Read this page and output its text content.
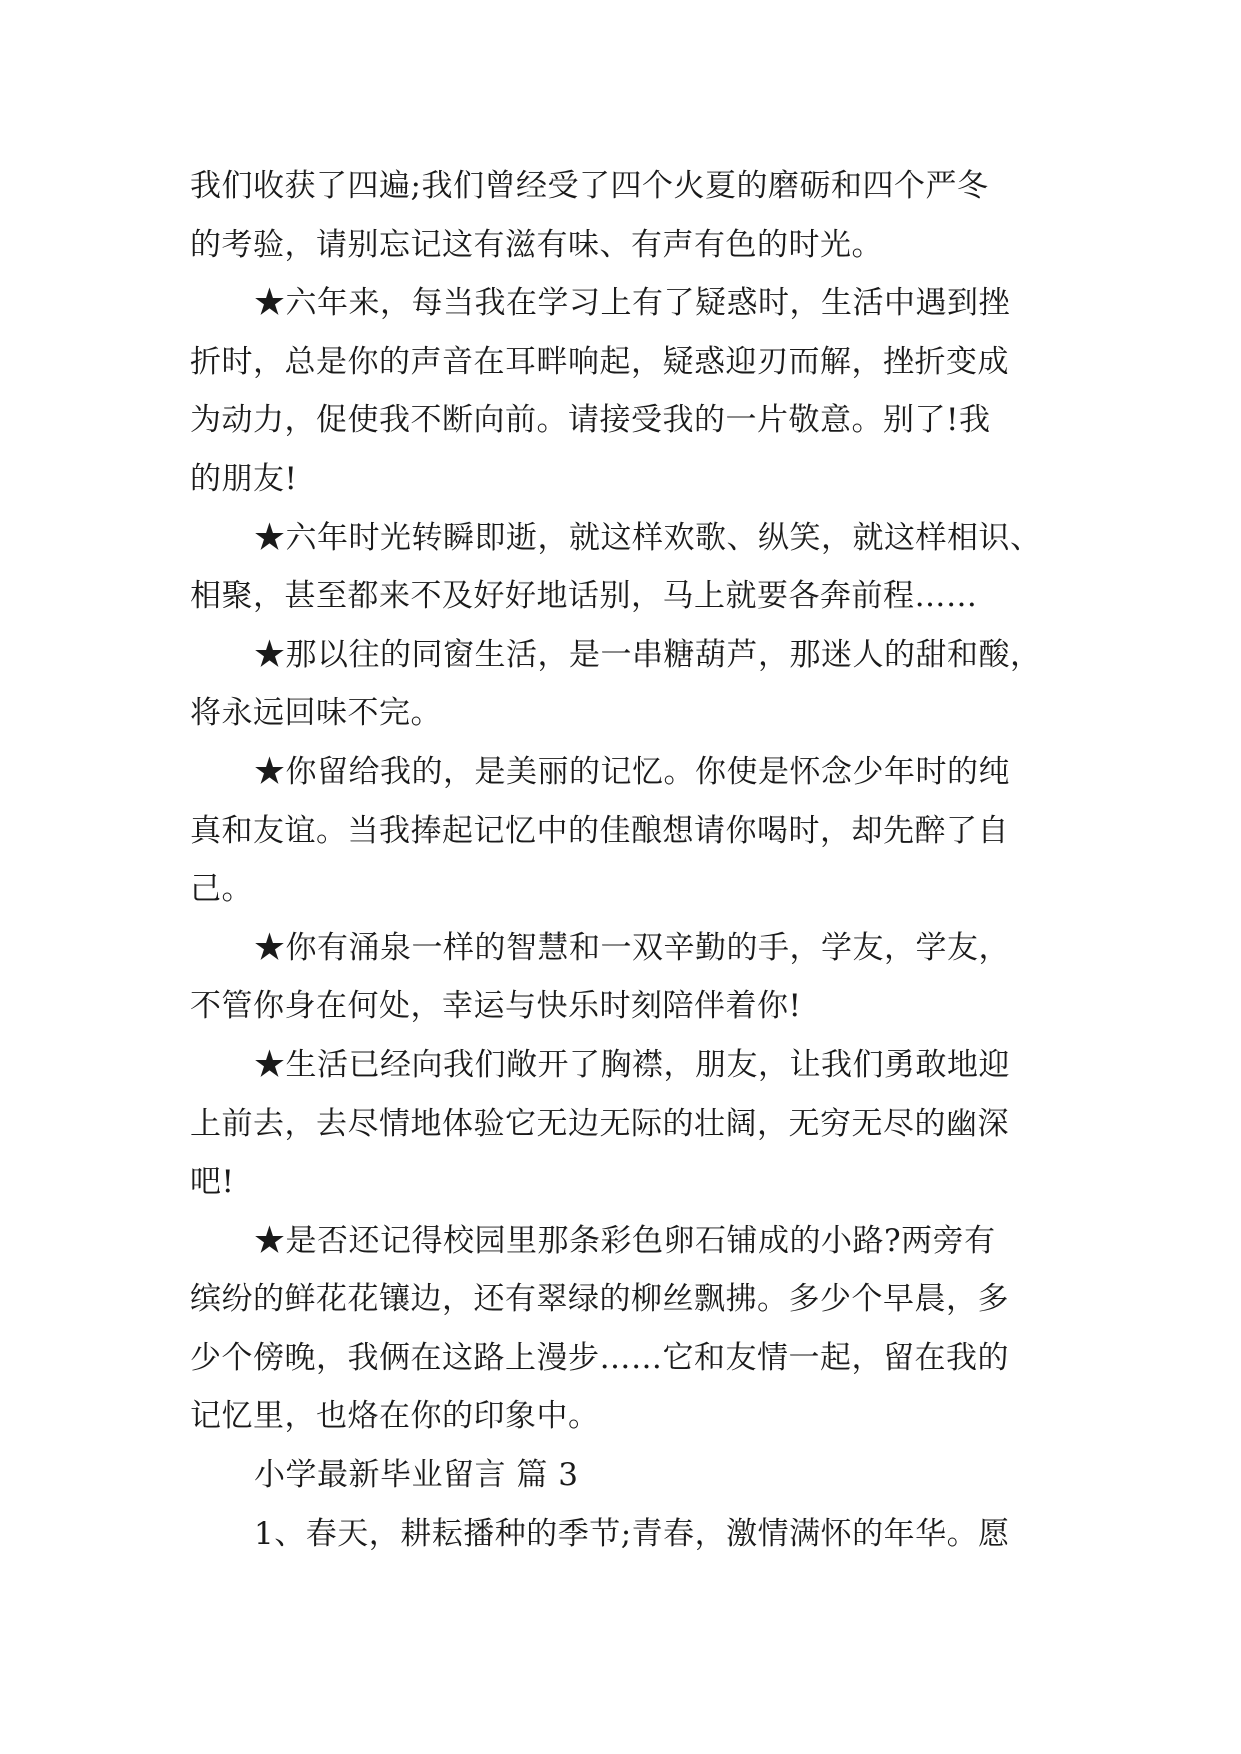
我们收获了四遍;我们曾经受了四个火夏的磨砺和四个严冬
的考验，请别忘记这有滋有味、有声有色的时光。

★六年来，每当我在学习上有了疑惑时，生活中遇到挫
折时，总是你的声音在耳畔响起，疑惑迎刃而解，挫折变成
为动力，促使我不断向前。请接受我的一片敬意。别了!我
的朋友!

★六年时光转瞬即逝，就这样欢歌、纵笑，就这样相识、
相聚，甚至都来不及好好地话别，马上就要各奔前程……

★那以往的同窗生活，是一串糖葫芦，那迷人的甜和酸，
将永远回味不完。

★你留给我的，是美丽的记忆。你使是怀念少年时的纯
真和友谊。当我捧起记忆中的佳酿想请你喝时，却先醉了自
己。

★你有涌泉一样的智慧和一双辛勤的手，学友，学友，
不管你身在何处，幸运与快乐时刻陪伴着你!

★生活已经向我们敞开了胸襟，朋友，让我们勇敢地迎
上前去，去尽情地体验它无边无际的壮阔，无穷无尽的幽深
吧!

★是否还记得校园里那条彩色卵石铺成的小路?两旁有
缤纷的鲜花花镶边，还有翠绿的柳丝飘拂。多少个早晨，多
少个傍晚，我俩在这路上漫步……它和友情一起，留在我的
记忆里，也烙在你的印象中。

小学最新毕业留言 篇 3

1、春天，耕耘播种的季节;青春，激情满怀的年华。愿
